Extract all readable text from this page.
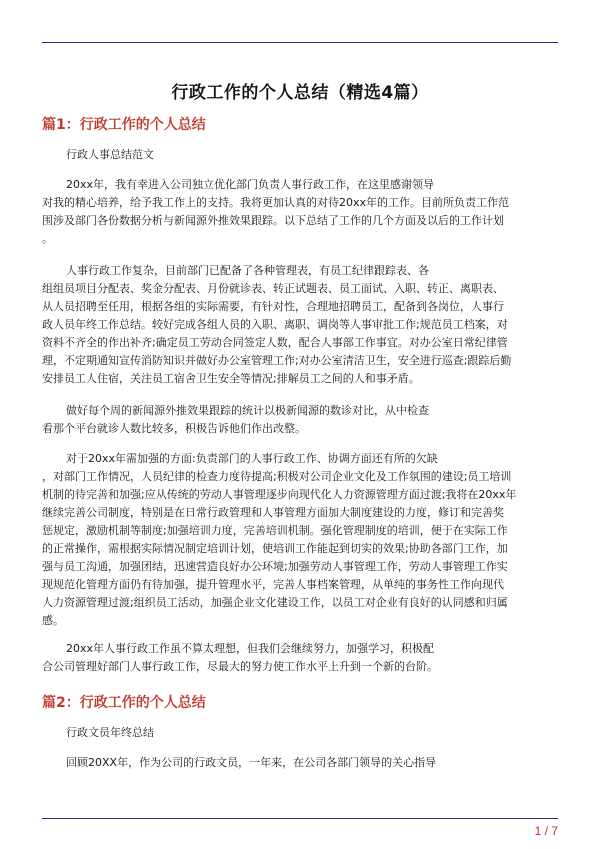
行政工作的个人总结（精选4篇）
篇1：行政工作的个人总结
行政人事总结范文
20xx年，我有幸进入公司独立优化部门负责人事行政工作，在这里感谢领导
对我的精心培养，给予我工作上的支持。我将更加认真的对待20xx年的工作。目前所负责工作范
围涉及部门各份数据分析与新闻源外推效果跟踪。以下总结了工作的几个方面及以后的工作计划
。
人事行政工作复杂，目前部门已配备了各种管理表，有员工纪律跟踪表、各
组组员项目分配表、奖金分配表、月份就诊表、转正试题表、员工面试、入职、转正、离职表、
从人员招聘至任用，根据各组的实际需要，有针对性，合理地招聘员工，配备到各岗位，人事行
政人员年终工作总结。较好完成各组人员的入职、离职、调岗等人事审批工作;规范员工档案，对
资料不齐全的作出补齐;确定员工劳动合同签定人数，配合人事部工作事宜。对办公室日常纪律管
理，不定期通知宣传消防知识并做好办公室管理工作;对办公室清洁卫生，安全进行巡查;跟踪后勤
安排员工人住宿，关注员工宿舍卫生安全等情况;排解员工之间的人和事矛盾。
做好每个周的新闻源外推效果跟踪的统计以极新闻源的数诊对比，从中检查
看那个平台就诊人数比较多，积极告诉他们作出改整。
对于20xx年需加强的方面:负责部门的人事行政工作、协调方面还有所的欠缺
，对部门工作情况，人员纪律的检查力度待提高;积极对公司企业文化及工作氛围的建设;员工培训
机制的待完善和加强;应从传统的劳动人事管理逐步向现代化人力资源管理方面过渡;我将在20xx年
继续完善公司制度，特别是在日常行政管理和人事管理方面加大制度建设的力度，修订和完善奖
惩规定，激励机制等制度;加强培训力度，完善培训机制。强化管理制度的培训，便于在实际工作
的正常操作，需根据实际情况制定培训计划，使培训工作能起到切实的效果;协助各部门工作，加
强与员工沟通，加强团结，迅速营造良好办公环境;加强劳动人事管理工作，劳动人事管理工作实
现规范化管理方面仍有待加强，提升管理水平，完善人事档案管理，从单纯的事务性工作向现代
人力资源管理过渡;组织员工活动，加强企业文化建设工作，以员工对企业有良好的认同感和归属
感。
20xx年人事行政工作虽不算太理想，但我们会继续努力，加强学习，积极配
合公司管理好部门人事行政工作，尽最大的努力使工作水平上升到一个新的台阶。
篇2：行政工作的个人总结
行政文员年终总结
回顾20XX年，作为公司的行政文员，一年来，在公司各部门领导的关心指导
1 / 7
